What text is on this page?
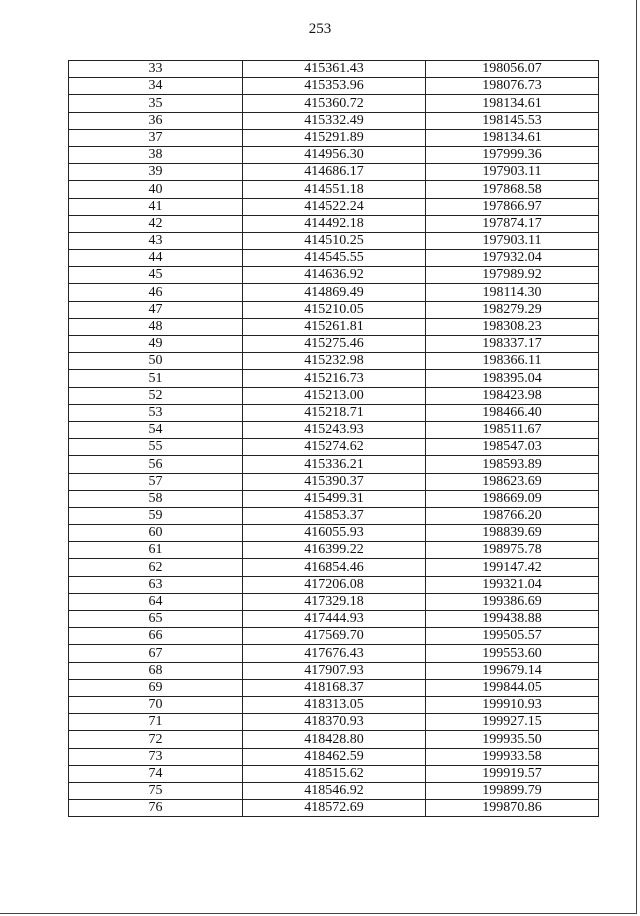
253
33	415361.43	198056.07
34	415353.96	198076.73
35	415360.72	198134.61
36	415332.49	198145.53
37	415291.89	198134.61
38	414956.30	197999.36
39	414686.17	197903.11
40	414551.18	197868.58
41	414522.24	197866.97
42	414492.18	197874.17
43	414510.25	197903.11
44	414545.55	197932.04
45	414636.92	197989.92
46	414869.49	198114.30
47	415210.05	198279.29
48	415261.81	198308.23
49	415275.46	198337.17
50	415232.98	198366.11
51	415216.73	198395.04
52	415213.00	198423.98
53	415218.71	198466.40
54	415243.93	198511.67
55	415274.62	198547.03
56	415336.21	198593.89
57	415390.37	198623.69
58	415499.31	198669.09
59	415853.37	198766.20
60	416055.93	198839.69
61	416399.22	198975.78
62	416854.46	199147.42
63	417206.08	199321.04
64	417329.18	199386.69
65	417444.93	199438.88
66	417569.70	199505.57
67	417676.43	199553.60
68	417907.93	199679.14
69	418168.37	199844.05
70	418313.05	199910.93
71	418370.93	199927.15
72	418428.80	199935.50
73	418462.59	199933.58
74	418515.62	199919.57
75	418546.92	199899.79
76	418572.69	199870.86
